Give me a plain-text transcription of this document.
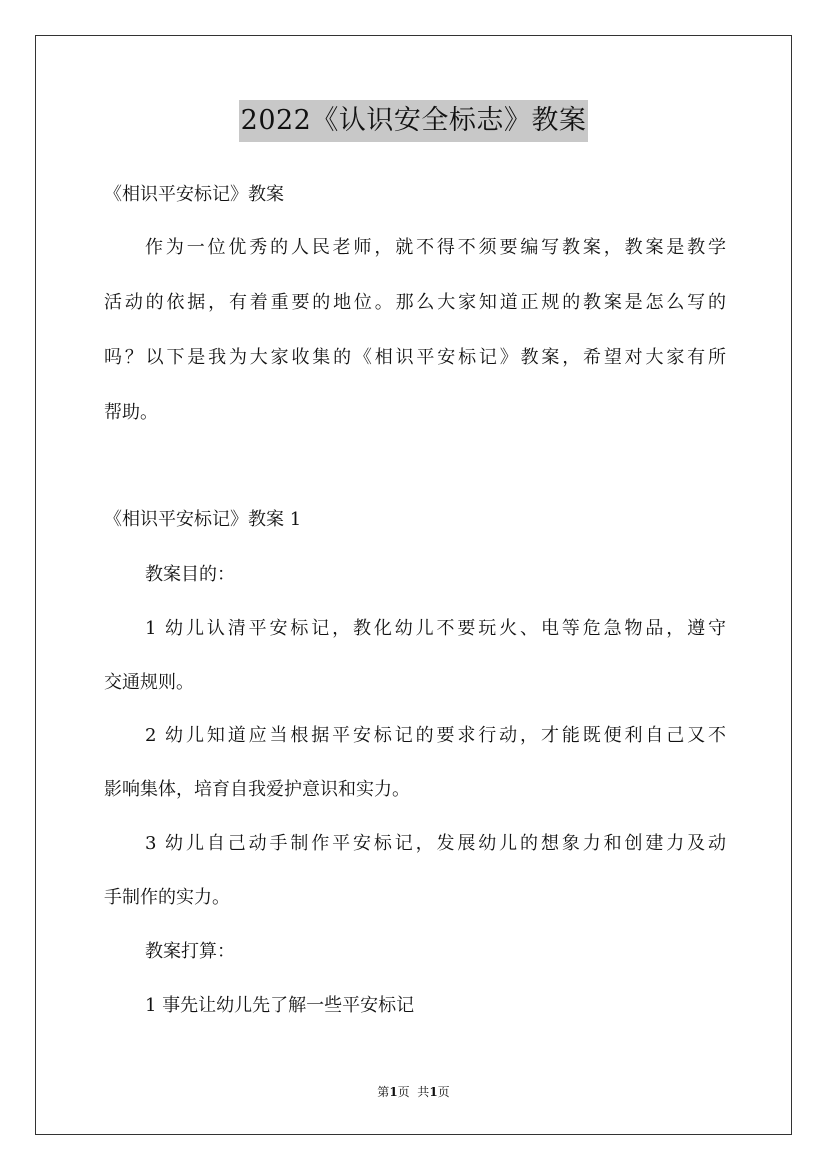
2022《认识安全标志》教案
《相识平安标记》教案
作为一位优秀的人民老师，就不得不须要编写教案，教案是教学
活动的依据，有着重要的地位。那么大家知道正规的教案是怎么写的
吗？以下是我为大家收集的《相识平安标记》教案，希望对大家有所
帮助。
《相识平安标记》教案 1
教案目的：
1 幼儿认清平安标记，教化幼儿不要玩火、电等危急物品，遵守
交通规则。
2 幼儿知道应当根据平安标记的要求行动，才能既便利自己又不
影响集体，培育自我爱护意识和实力。
3 幼儿自己动手制作平安标记，发展幼儿的想象力和创建力及动
手制作的实力。
教案打算：
1 事先让幼儿先了解一些平安标记
第1页  共1页
